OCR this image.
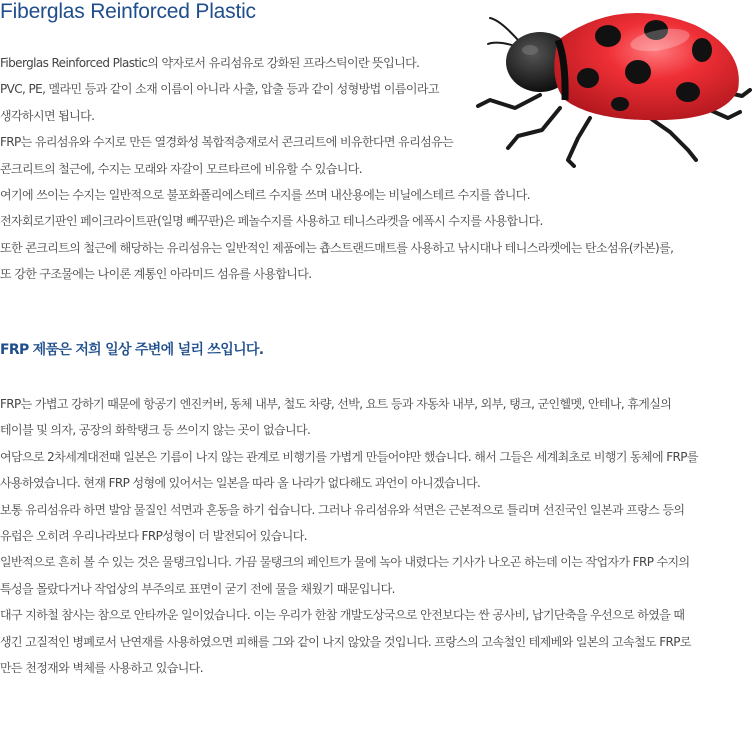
Fiberglas Reinforced Plastic
Fiberglas Reinforced Plastic의 약자로서 유리섬유로 강화된 프라스틱이란 뜻입니다.
PVC, PE, 멜라민 등과 같이 소재 이름이 아니라 사출, 압출 등과 같이 성형방법 이름이라고
생각하시면 됩니다.
FRP는 유리섬유와 수지로 만든 열경화성 복합적층재로서 콘크리트에 비유한다면 유리섬유는
콘크리트의 철근에, 수지는 모래와 자갈이 모르타르에 비유할 수 있습니다.
여기에 쓰이는 수지는 일반적으로 불포화폴리에스테르 수지를 쓰며 내산용에는 비닐에스테르 수지를 씁니다.
전자회로기판인 페이크라이트판(일명 뻬꾸판)은 페놀수지를 사용하고 테니스라켓을 에폭시 수지를 사용합니다.
또한 콘크리트의 철근에 해당하는 유리섬유는 일반적인 제품에는 춉스트랜드매트를 사용하고 낚시대나 테니스라켓에는 탄소섬유(카본)를,
또 강한 구조물에는 나이론 계통인 아라미드 섬유를 사용합니다.
FRP 제품은 저희 일상 주변에 널리 쓰입니다.
FRP는 가볍고 강하기 때문에 항공기 엔진커버, 동체 내부, 철도 차량, 선박, 요트 등과 자동차 내부, 외부, 탱크, 군인헬멧, 안테나, 휴게실의
테이블 및 의자, 공장의 화학탱크 등 쓰이지 않는 곳이 없습니다.
여담으로 2차세계대전때 일본은 기름이 나지 않는 관계로 비행기를 가볍게 만들어야만 했습니다. 해서 그들은 세계최초로 비행기 동체에 FRP를
사용하였습니다. 현재 FRP 성형에 있어서는 일본을 따라 올 나라가 없다해도 과언이 아니겠습니다.
보통 유리섬유라 하면 발암 물질인 석면과 혼동을 하기 쉽습니다. 그러나 유리섬유와 석면은 근본적으로 틀리며 선진국인 일본과 프랑스 등의
유럽은 오히려 우리나라보다 FRP성형이 더 발전되어 있습니다.
일반적으로 흔히 볼 수 있는 것은 물탱크입니다. 가끔 물탱크의 페인트가 물에 녹아 내렸다는 기사가 나오곤 하는데 이는 작업자가 FRP 수지의
특성을 몰랐다거나 작업상의 부주의로 표면이 굳기 전에 물을 채웠기 때문입니다.
대구 지하철 참사는 참으로 안타까운 일이었습니다. 이는 우리가 한참 개발도상국으로 안전보다는 싼 공사비, 납기단축을 우선으로 하였을 때
생긴 고질적인 병폐로서 난연재를 사용하였으면 피해를 그와 같이 나지 않았을 것입니다. 프랑스의 고속철인 테제베와 일본의 고속철도 FRP로
만든 천정재와 벽체를 사용하고 있습니다.
